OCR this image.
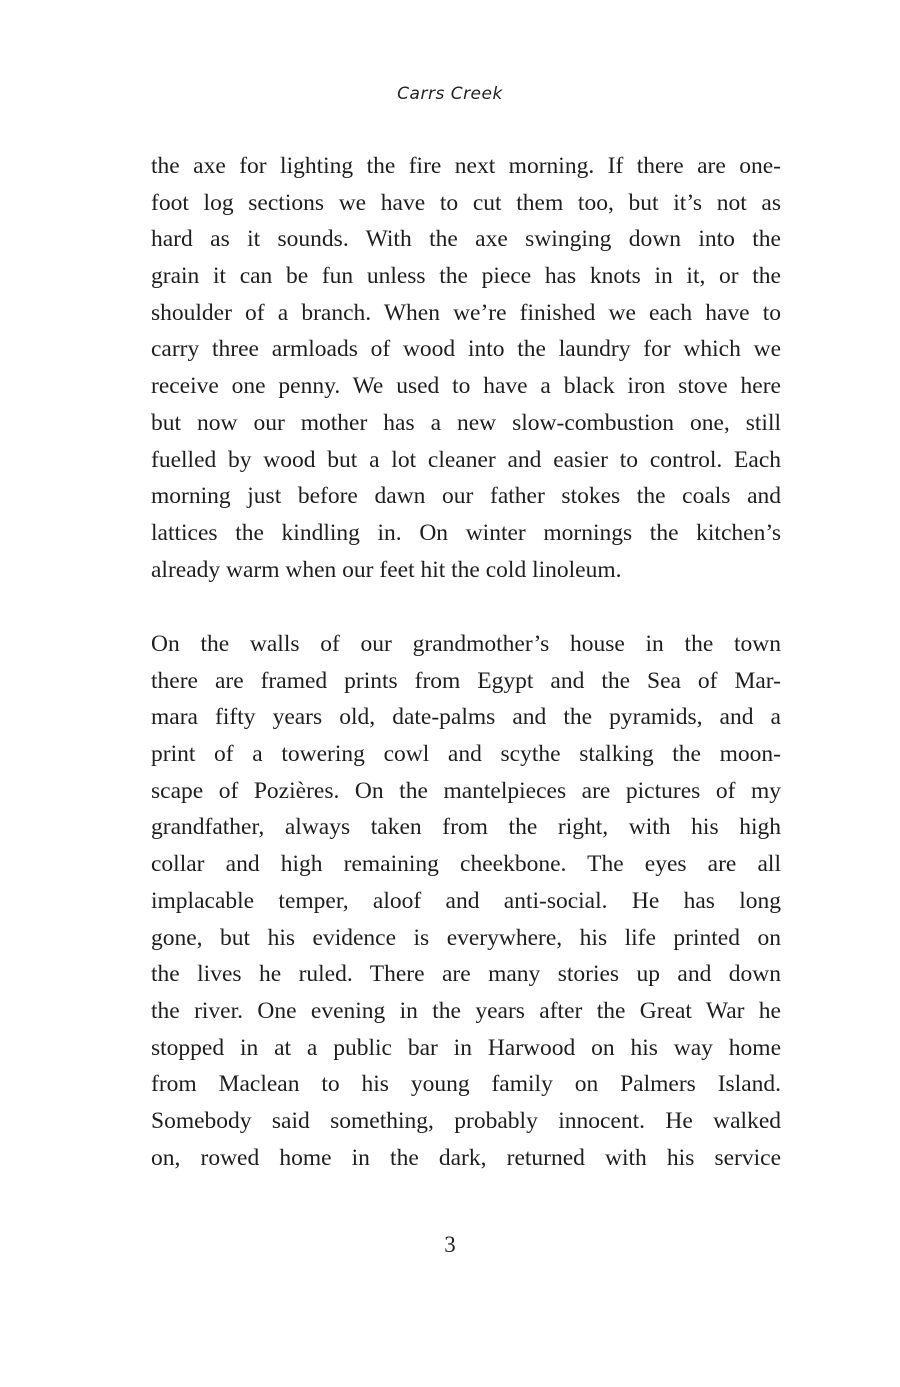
Carrs Creek
the axe for lighting the fire next morning. If there are one-
foot log sections we have to cut them too, but it’s not as
hard as it sounds. With the axe swinging down into the
grain it can be fun unless the piece has knots in it, or the
shoulder of a branch. When we’re finished we each have to
carry three armloads of wood into the laundry for which we
receive one penny. We used to have a black iron stove here
but now our mother has a new slow-combustion one, still
fuelled by wood but a lot cleaner and easier to control. Each
morning just before dawn our father stokes the coals and
lattices the kindling in. On winter mornings the kitchen’s
already warm when our feet hit the cold linoleum.
On the walls of our grandmother’s house in the town
there are framed prints from Egypt and the Sea of Mar-
mara fifty years old, date-palms and the pyramids, and a
print of a towering cowl and scythe stalking the moon-
scape of Pozières. On the mantelpieces are pictures of my
grandfather, always taken from the right, with his high
collar and high remaining cheekbone. The eyes are all
implacable temper, aloof and anti-social. He has long
gone, but his evidence is everywhere, his life printed on
the lives he ruled. There are many stories up and down
the river. One evening in the years after the Great War he
stopped in at a public bar in Harwood on his way home
from Maclean to his young family on Palmers Island.
Somebody said something, probably innocent. He walked
on, rowed home in the dark, returned with his service
3
